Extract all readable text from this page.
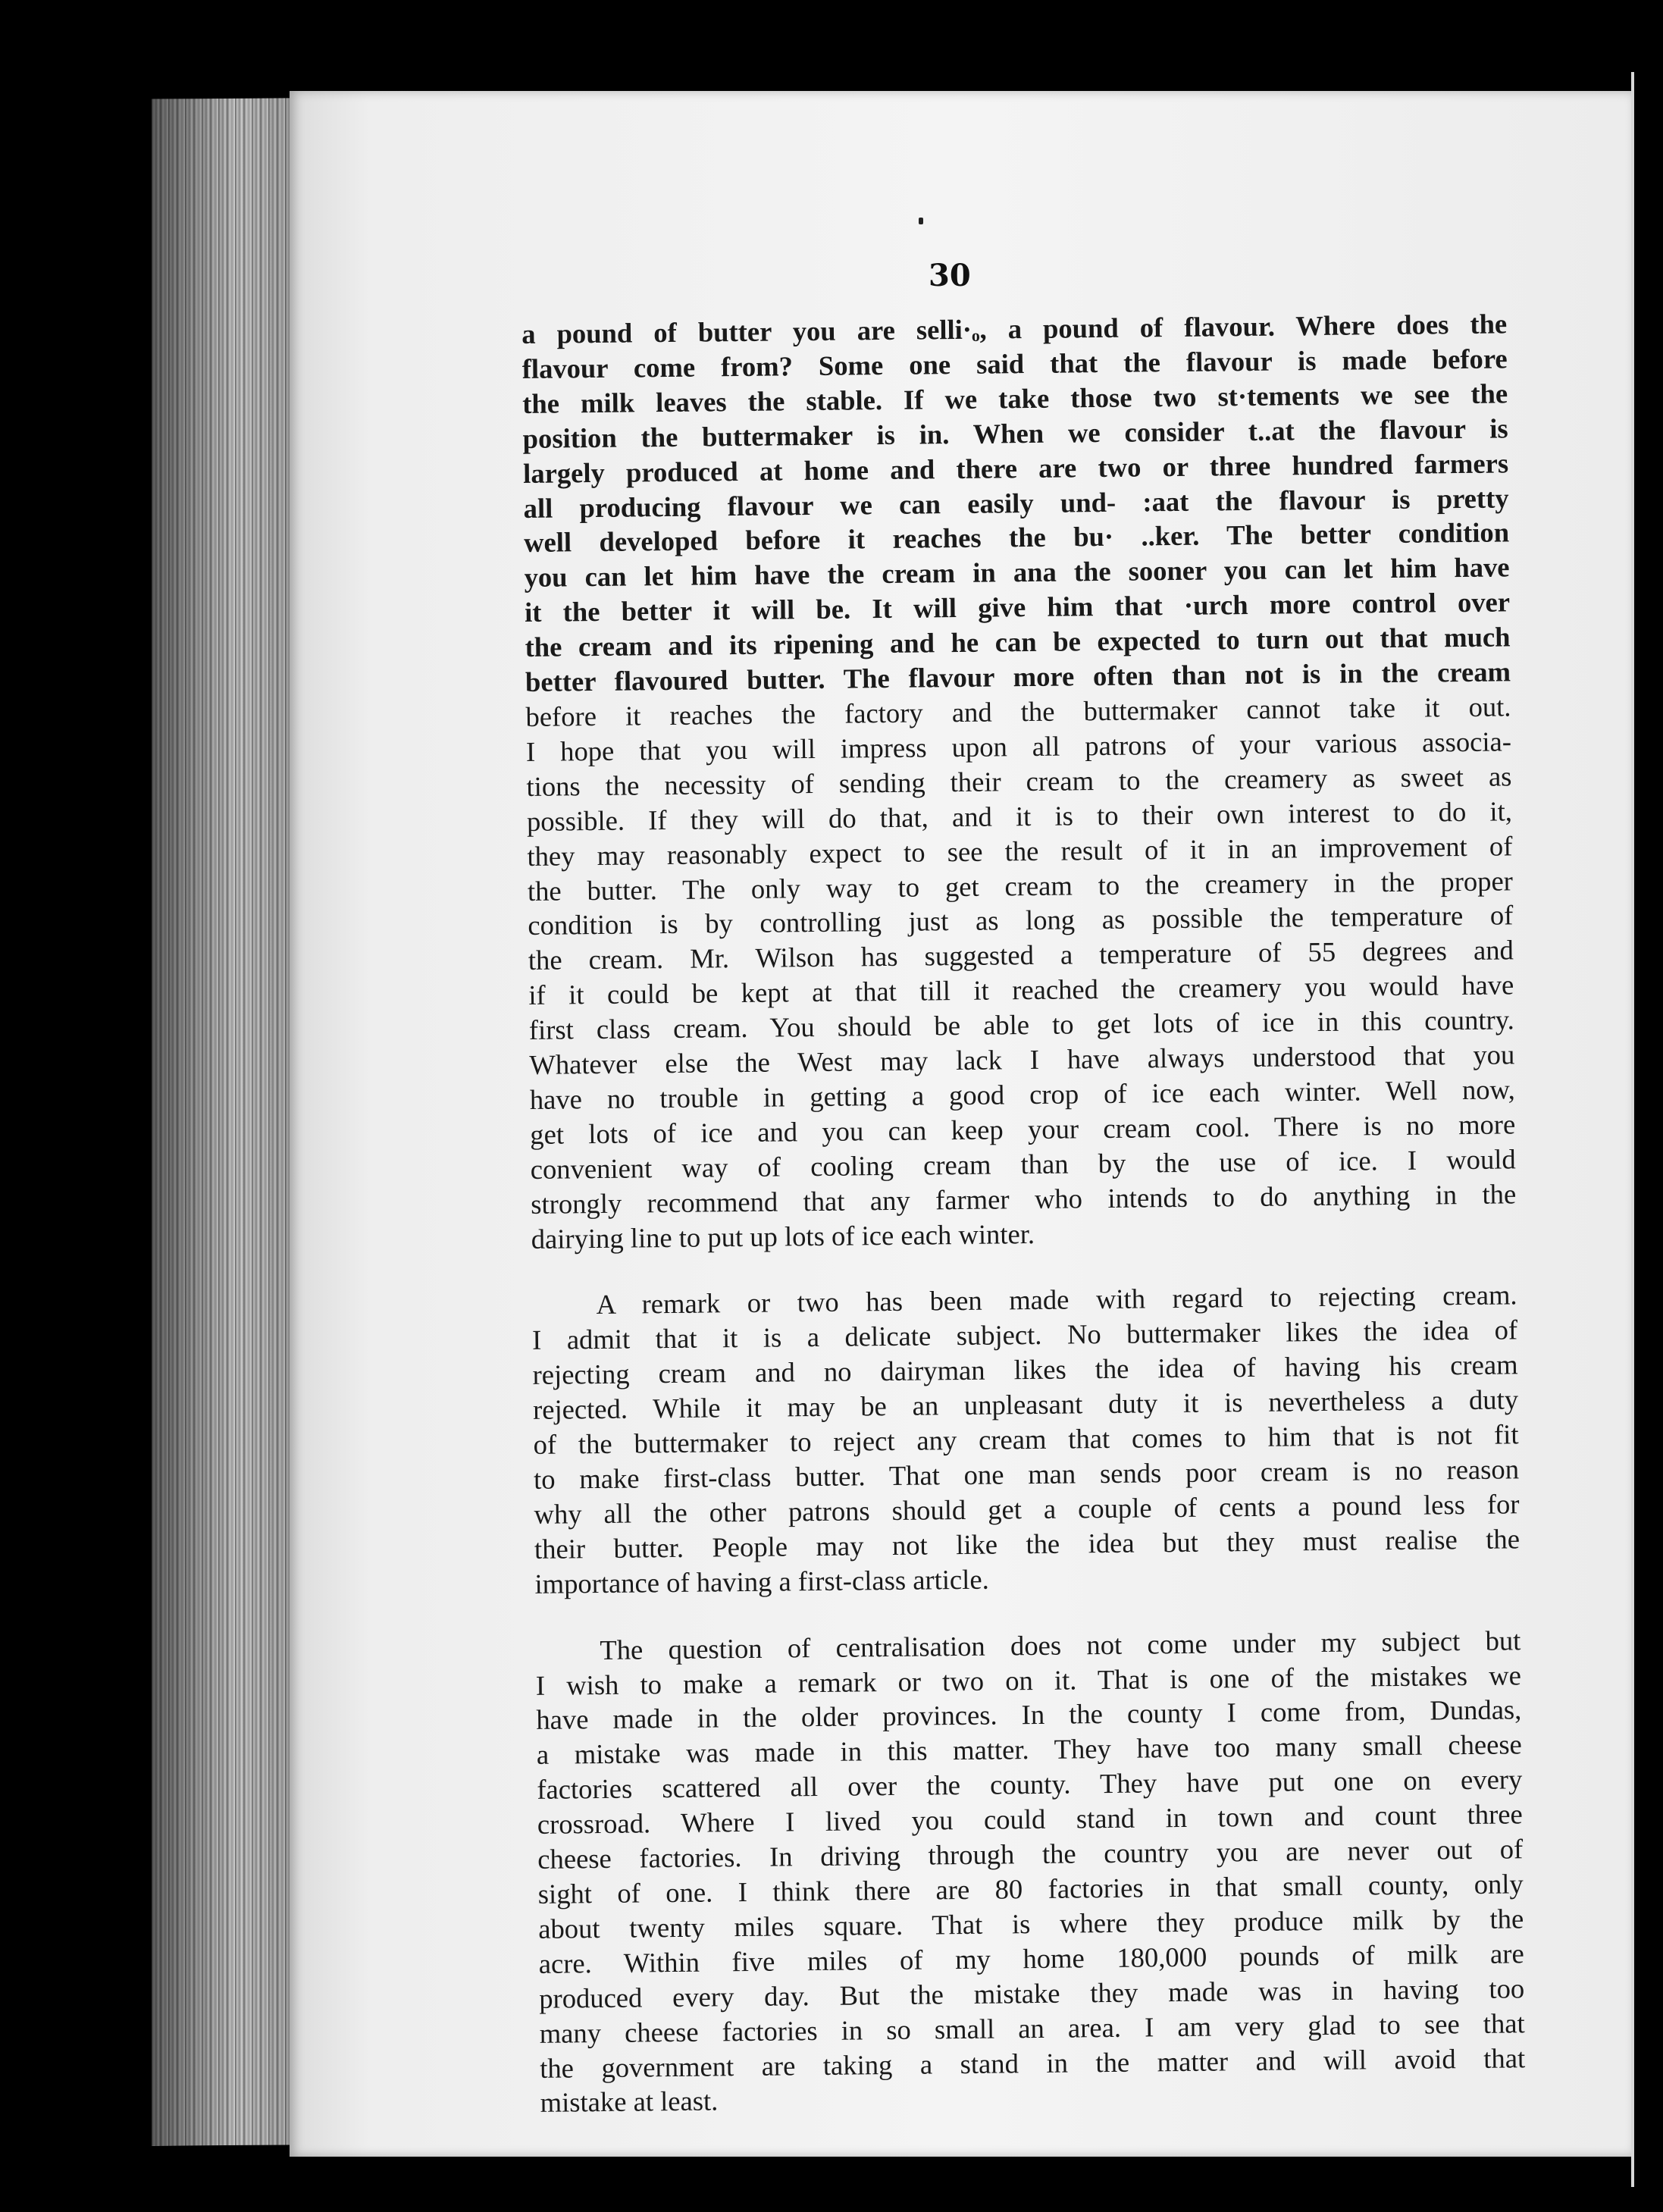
30
a pound of butter you are selli·ₒ, a pound of flavour. Where does the
flavour come from? Some one said that the flavour is made before
the milk leaves the stable. If we take those two st·tements we see the
position the buttermaker is in. When we consider t..at the flavour is
largely produced at home and there are two or three hundred farmers
all producing flavour we can easily und- :aat the flavour is pretty
well developed before it reaches the bu· ..ker. The better condition
you can let him have the cream in ana the sooner you can let him have
it the better it will be. It will give him that ·urch more control over
the cream and its ripening and he can be expected to turn out that much
better flavoured butter. The flavour more often than not is in the cream
before it reaches the factory and the buttermaker cannot take it out.
I hope that you will impress upon all patrons of your various associa-
tions the necessity of sending their cream to the creamery as sweet as
possible. If they will do that, and it is to their own interest to do it,
they may reasonably expect to see the result of it in an improvement of
the butter. The only way to get cream to the creamery in the proper
condition is by controlling just as long as possible the temperature of
the cream. Mr. Wilson has suggested a temperature of 55 degrees and
if it could be kept at that till it reached the creamery you would have
first class cream. You should be able to get lots of ice in this country.
Whatever else the West may lack I have always understood that you
have no trouble in getting a good crop of ice each winter. Well now,
get lots of ice and you can keep your cream cool. There is no more
convenient way of cooling cream than by the use of ice. I would
strongly recommend that any farmer who intends to do anything in the
dairying line to put up lots of ice each winter.
A remark or two has been made with regard to rejecting cream.
I admit that it is a delicate subject. No buttermaker likes the idea of
rejecting cream and no dairyman likes the idea of having his cream
rejected. While it may be an unpleasant duty it is nevertheless a duty
of the buttermaker to reject any cream that comes to him that is not fit
to make first-class butter. That one man sends poor cream is no reason
why all the other patrons should get a couple of cents a pound less for
their butter. People may not like the idea but they must realise the
importance of having a first-class article.
The question of centralisation does not come under my subject but
I wish to make a remark or two on it. That is one of the mistakes we
have made in the older provinces. In the county I come from, Dundas,
a mistake was made in this matter. They have too many small cheese
factories scattered all over the county. They have put one on every
crossroad. Where I lived you could stand in town and count three
cheese factories. In driving through the country you are never out of
sight of one. I think there are 80 factories in that small county, only
about twenty miles square. That is where they produce milk by the
acre. Within five miles of my home 180,000 pounds of milk are
produced every day. But the mistake they made was in having too
many cheese factories in so small an area. I am very glad to see that
the government are taking a stand in the matter and will avoid that
mistake at least.
